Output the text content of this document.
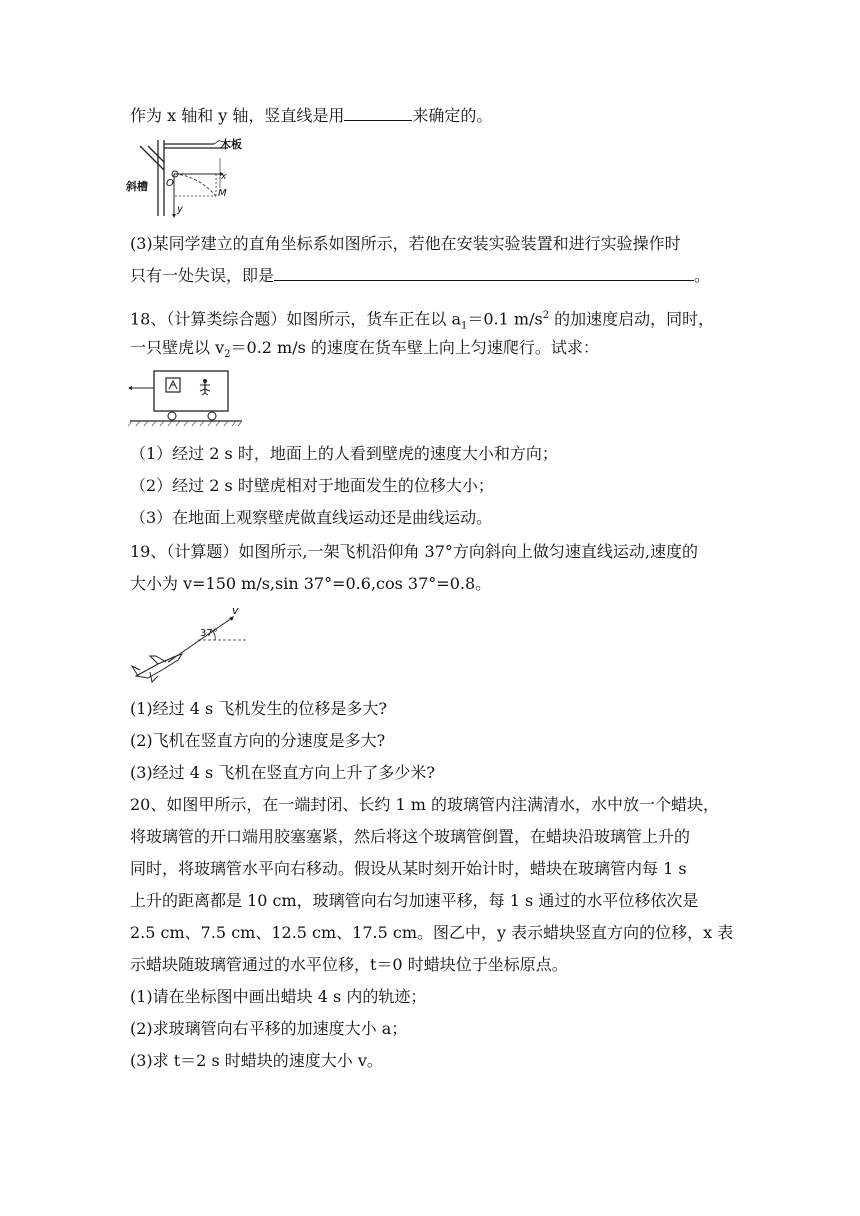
作为 x 轴和 y 轴，竖直线是用	来确定的。
木板
斜槽 O
y
x
M
(3)某同学建立的直角坐标系如图所示，若他在安装实验装置和进行实验操作时
只有一处失误，即是	。
18、（计算类综合题）如图所示，货车正在以 $a_1=0.1$ $m/s^2$ 的加速度启动，同时，
一只壁虎以 $v_2=0.2$ m/s 的速度在货车壁上向上匀速爬行。试求：
（1）经过 2 s 时，地面上的人看到壁虎的速度大小和方向；
（2）经过 2 s 时壁虎相对于地面发生的位移大小；
（3）在地面上观察壁虎做直线运动还是曲线运动。
19、（计算题）如图所示,一架飞机沿仰角 37°方向斜向上做匀速直线运动,速度的
大小为 v=150 m/s,sin 37°=0.6,cos 37°=0.8。
v
37°
(1)经过 4 s 飞机发生的位移是多大?
(2)飞机在竖直方向的分速度是多大?
(3)经过 4 s 飞机在竖直方向上升了多少米?
20、如图甲所示，在一端封闭、长约 1 m 的玻璃管内注满清水，水中放一个蜡块，
将玻璃管的开口端用胶塞塞紧，然后将这个玻璃管倒置，在蜡块沿玻璃管上升的
同时，将玻璃管水平向右移动。假设从某时刻开始计时，蜡块在玻璃管内每 1 s
上升的距离都是 10 cm，玻璃管向右匀加速平移，每 1 s 通过的水平位移依次是
2.5 cm、7.5 cm、12.5 cm、17.5 cm。图乙中，y 表示蜡块竖直方向的位移，x 表
示蜡块随玻璃管通过的水平位移，t＝0 时蜡块位于坐标原点。
(1)请在坐标图中画出蜡块 4 s 内的轨迹；
(2)求玻璃管向右平移的加速度大小 a；
(3)求 t＝2 s 时蜡块的速度大小 v。
